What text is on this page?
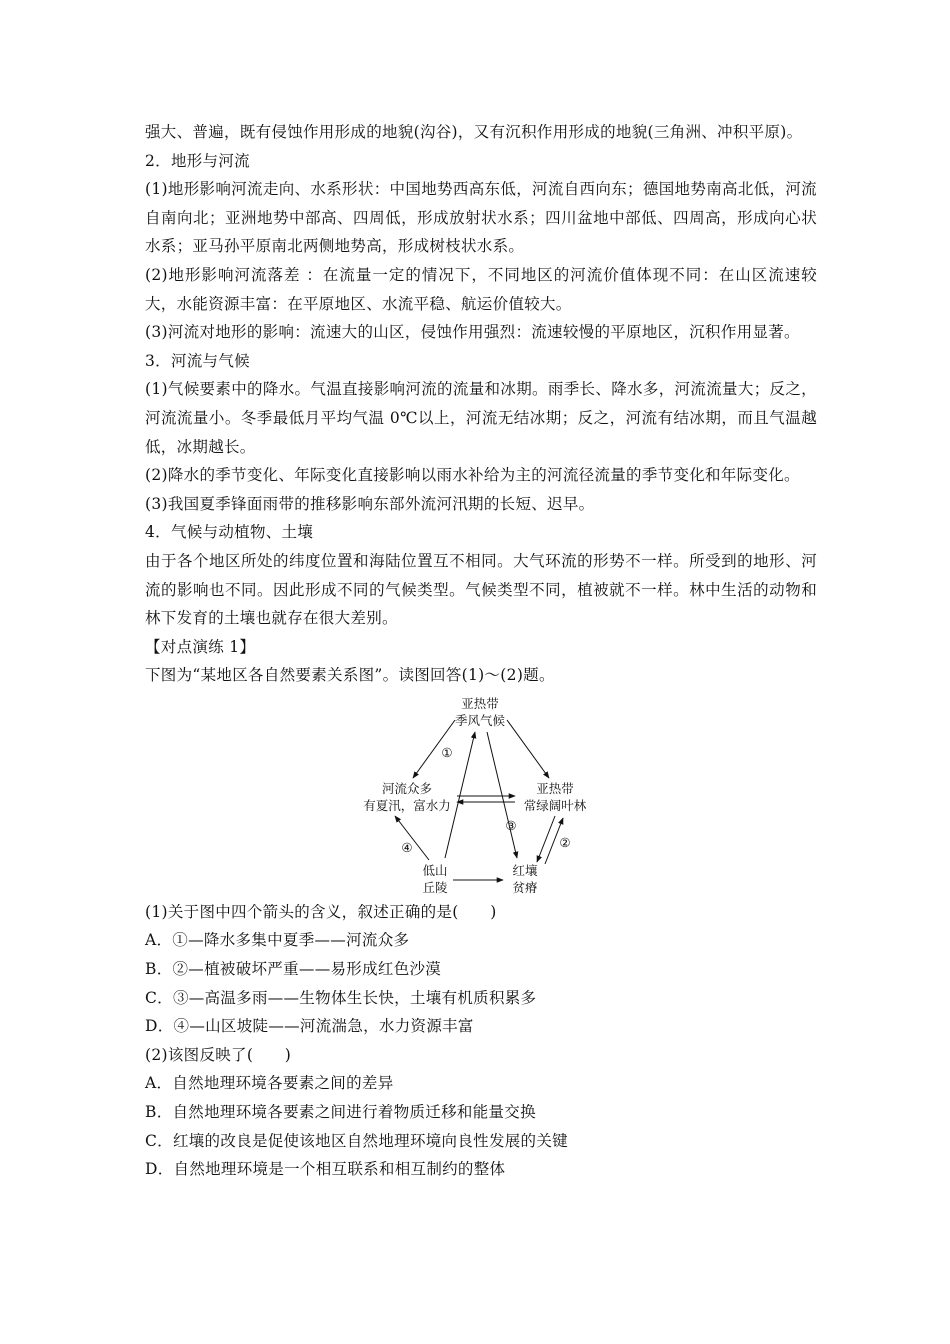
强大、普遍，既有侵蚀作用形成的地貌(沟谷)，又有沉积作用形成的地貌(三角洲、冲积平原)。

2．地形与河流

(1)地形影响河流走向、水系形状：中国地势西高东低，河流自西向东；德国地势南高北低，河流自南向北；亚洲地势中部高、四周低，形成放射状水系；四川盆地中部低、四周高，形成向心状水系；亚马孙平原南北两侧地势高，形成树枝状水系。

(2)地形影响河流落差 ：在流量一定的情况下，不同地区的河流价值体现不同：在山区流速较大，水能资源丰富：在平原地区、水流平稳、航运价值较大。

(3)河流对地形的影响：流速大的山区，侵蚀作用强烈：流速较慢的平原地区，沉积作用显著。

3．河流与气候

(1)气候要素中的降水。气温直接影响河流的流量和冰期。雨季长、降水多，河流流量大；反之，河流流量小。冬季最低月平均气温 0℃以上，河流无结冰期；反之，河流有结冰期，而且气温越低，冰期越长。

(2)降水的季节变化、年际变化直接影响以雨水补给为主的河流径流量的季节变化和年际变化。

(3)我国夏季锋面雨带的推移影响东部外流河汛期的长短、迟早。

4．气候与动植物、土壤

由于各个地区所处的纬度位置和海陆位置互不相同。大气环流的形势不一样。所受到的地形、河流的影响也不同。因此形成不同的气候类型。气候类型不同，植被就不一样。林中生活的动物和林下发育的土壤也就存在很大差别。

【对点演练 1】

下图为“某地区各自然要素关系图”。读图回答(1)～(2)题。

亚热带
季风气候
河流众多
有夏汛，富水力
亚热带
常绿阔叶林
低山
丘陵
红壤
贫瘠
①
②
③
④

(1)关于图中四个箭头的含义，叙述正确的是(　　)

A．①—降水多集中夏季——河流众多

B．②—植被破坏严重——易形成红色沙漠

C．③—高温多雨——生物体生长快，土壤有机质积累多

D．④—山区坡陡——河流湍急，水力资源丰富

(2)该图反映了(　　)

A．自然地理环境各要素之间的差异

B．自然地理环境各要素之间进行着物质迁移和能量交换

C．红壤的改良是促使该地区自然地理环境向良性发展的关键

D．自然地理环境是一个相互联系和相互制约的整体
